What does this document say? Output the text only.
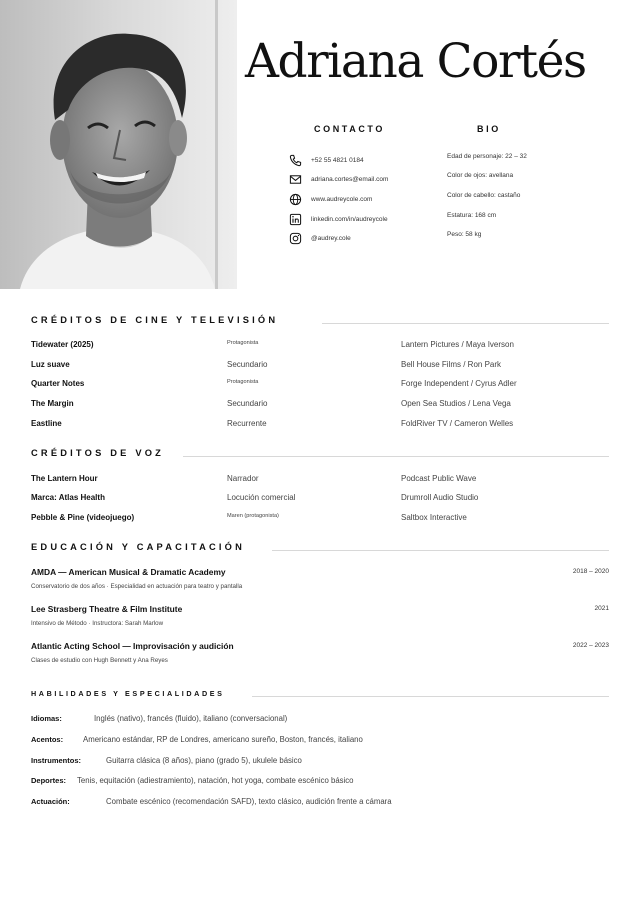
Adriana Cortés
CONTACTO
+52 55 4821 0184
adriana.cortes@email.com
www.audreycole.com
linkedin.com/in/audreycole
@audrey.cole
BIO
Edad de personaje: 22 – 32
Color de ojos: avellana
Color de cabello: castaño
Estatura: 168 cm
Peso: 58 kg
CRÉDITOS DE CINE Y TELEVISIÓN
Tidewater (2025)	Protagonista	Lantern Pictures / Maya Iverson
Luz suave	Secundario	Bell House Films / Ron Park
Quarter Notes	Protagonista	Forge Independent / Cyrus Adler
The Margin	Secundario	Open Sea Studios / Lena Vega
Eastline	Recurrente	FoldRiver TV / Cameron Welles
CRÉDITOS DE VOZ
The Lantern Hour	Narrador	Podcast Public Wave
Marca: Atlas Health	Locución comercial	Drumroll Audio Studio
Pebble & Pine (videojuego)	Maren (protagonista)	Saltbox Interactive
EDUCACIÓN Y CAPACITACIÓN
AMDA — American Musical & Dramatic Academy	2018 – 2020
Conservatorio de dos años · Especialidad en actuación para teatro y pantalla
Lee Strasberg Theatre & Film Institute	2021
Intensivo de Método · Instructora: Sarah Marlow
Atlantic Acting School — Improvisación y audición	2022 – 2023
Clases de estudio con Hugh Bennett y Ana Reyes
HABILIDADES Y ESPECIALIDADES
Idiomas:	Inglés (nativo), francés (fluido), italiano (conversacional)
Acentos:	Americano estándar, RP de Londres, americano sureño, Boston, francés, italiano
Instrumentos:	Guitarra clásica (8 años), piano (grado 5), ukulele básico
Deportes: Tenis, equitación (adiestramiento), natación, hot yoga, combate escénico básico
Actuación:	Combate escénico (recomendación SAFD), texto clásico, audición frente a cámara
